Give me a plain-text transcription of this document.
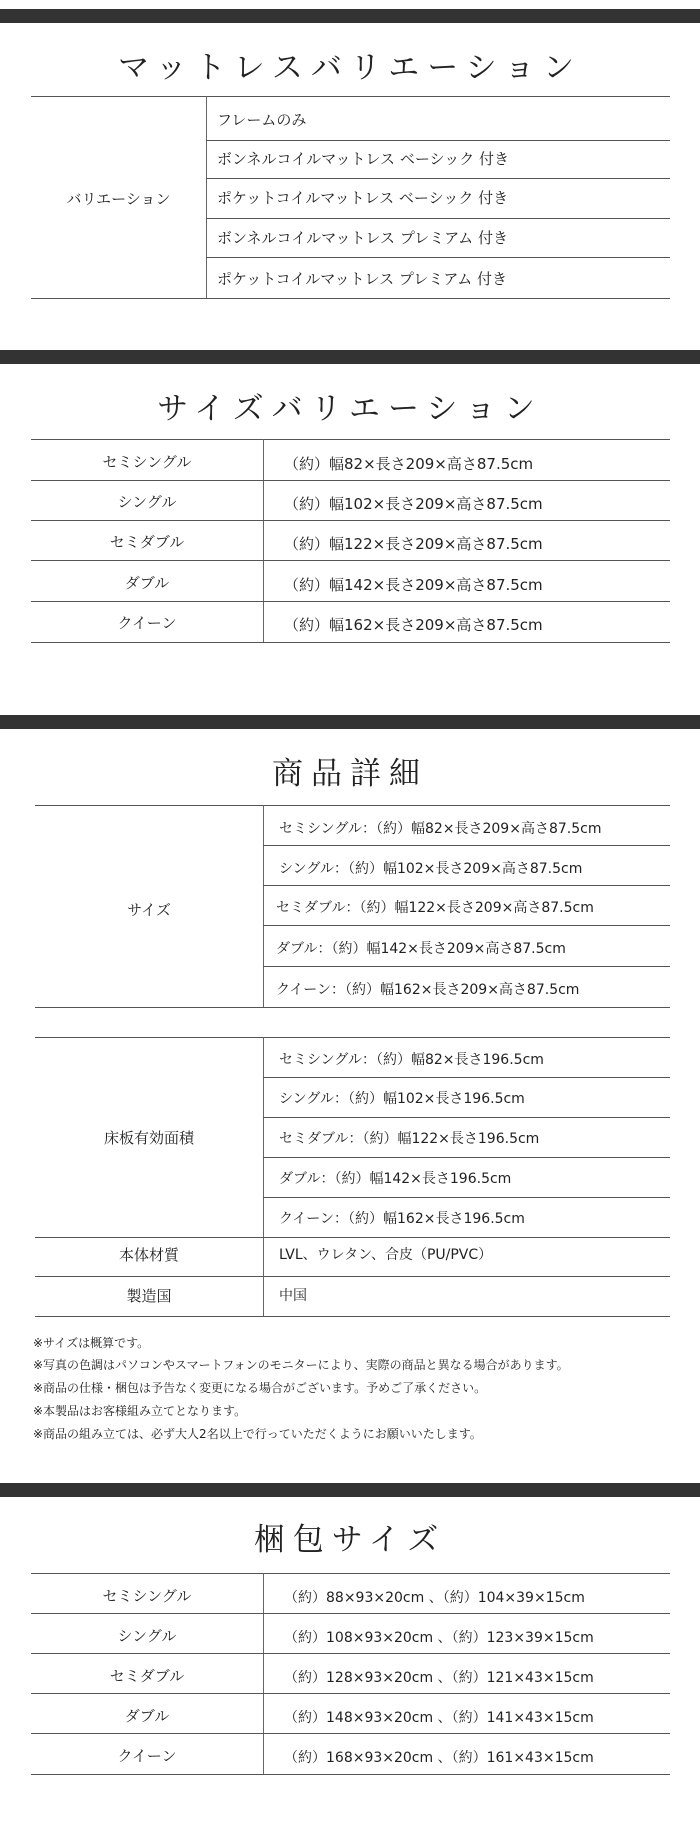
マットレスバリエーション
バリエーション
フレームのみ
ボンネルコイルマットレス ベーシック 付き
ポケットコイルマットレス ベーシック 付き
ボンネルコイルマットレス プレミアム 付き
ポケットコイルマットレス プレミアム 付き
サイズバリエーション
セミシングル	（約）幅82×長さ209×高さ87.5cm
シングル	（約）幅102×長さ209×高さ87.5cm
セミダブル	（約）幅122×長さ209×高さ87.5cm
ダブル	（約）幅142×長さ209×高さ87.5cm
クイーン	（約）幅162×長さ209×高さ87.5cm
商品詳細
サイズ
セミシングル：（約）幅82×長さ209×高さ87.5cm
シングル：（約）幅102×長さ209×高さ87.5cm
セミダブル：（約）幅122×長さ209×高さ87.5cm
ダブル：（約）幅142×長さ209×高さ87.5cm
クイーン：（約）幅162×長さ209×高さ87.5cm
床板有効面積
セミシングル：（約）幅82×長さ196.5cm
シングル：（約）幅102×長さ196.5cm
セミダブル：（約）幅122×長さ196.5cm
ダブル：（約）幅142×長さ196.5cm
クイーン：（約）幅162×長さ196.5cm
本体材質	LVL、ウレタン、合皮（PU/PVC）
製造国	中国
※サイズは概算です。
※写真の色調はパソコンやスマートフォンのモニターにより、実際の商品と異なる場合があります。
※商品の仕様・梱包は予告なく変更になる場合がございます。予めご了承ください。
※本製品はお客様組み立てとなります。
※商品の組み立ては、必ず大人2名以上で行っていただくようにお願いいたします。
梱包サイズ
セミシングル	（約）88×93×20cm 、（約）104×39×15cm
シングル	（約）108×93×20cm 、（約）123×39×15cm
セミダブル	（約）128×93×20cm 、（約）121×43×15cm
ダブル	（約）148×93×20cm 、（約）141×43×15cm
クイーン	（約）168×93×20cm 、（約）161×43×15cm
